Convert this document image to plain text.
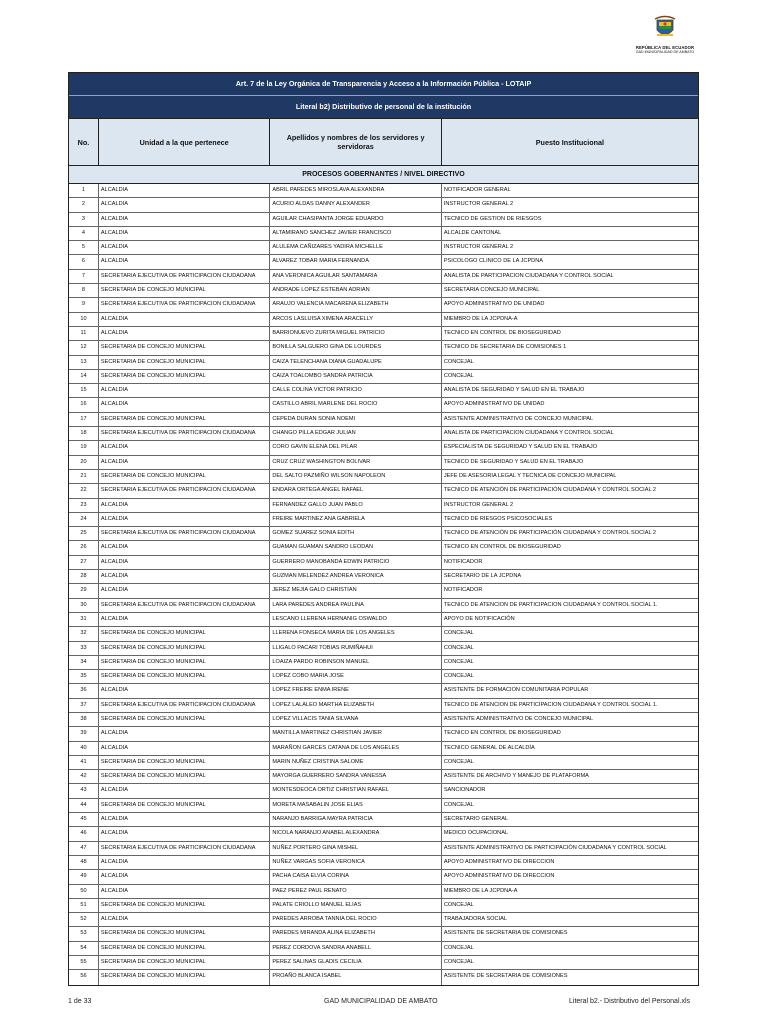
REPÚBLICA DEL ECUADOR
GAD MUNICIPALIDAD DE AMBATO
Art. 7 de la Ley Orgánica de Transparencia y Acceso a la Información Pública - LOTAIP
Literal b2) Distributivo de personal de la institución
No.	Unidad a la que pertenece	Apellidos y nombres de los servidores y servidoras	Puesto Institucional
PROCESOS GOBERNANTES / NIVEL DIRECTIVO
1	ALCALDIA	ABRIL PAREDES MIROSLAVA ALEXANDRA	NOTIFICADOR GENERAL
2	ALCALDIA	ACURIO ALDAS DANNY ALEXANDER	INSTRUCTOR GENERAL 2
3	ALCALDIA	AGUILAR CHASIPANTA JORGE EDUARDO	TECNICO DE GESTION DE RIESGOS
4	ALCALDIA	ALTAMIRANO SANCHEZ JAVIER FRANCISCO	ALCALDE CANTONAL
5	ALCALDIA	ALULEMA CAÑIZARES YADIRA MICHELLE	INSTRUCTOR GENERAL 2
6	ALCALDIA	ALVAREZ TOBAR MARIA FERNANDA	PSICOLOGO CLINICO DE LA JCPDNA
7	SECRETARIA EJECUTIVA DE PARTICIPACION CIUDADANA	ANA VERONICA AGUILAR SANTAMARIA	ANALISTA DE PARTICIPACION CIUDADANA Y CONTROL SOCIAL
8	SECRETARIA DE CONCEJO MUNICIPAL	ANDRADE LOPEZ ESTEBAN ADRIAN	SECRETARIA CONCEJO MUNICIPAL
9	SECRETARIA EJECUTIVA DE PARTICIPACION CIUDADANA	ARAUJO VALENCIA MACARENA ELIZABETH	APOYO ADMINISTRATIVO DE UNIDAD
10	ALCALDIA	ARCOS LASLUISA XIMENA ARACELLY	MIEMBRO DE LA JCPDNA-A
11	ALCALDIA	BARRIONUEVO ZURITA MIGUEL PATRICIO	TECNICO EN CONTROL DE BIOSEGURIDAD
12	SECRETARIA DE CONCEJO MUNICIPAL	BONILLA SALGUERO GINA DE LOURDES	TECNICO DE SECRETARIA DE COMISIONES 1
13	SECRETARIA DE CONCEJO MUNICIPAL	CAIZA TELENCHANA DIANA GUADALUPE	CONCEJAL
14	SECRETARIA DE CONCEJO MUNICIPAL	CAIZA TOALOMBO SANDRA PATRICIA	CONCEJAL
15	ALCALDIA	CALLE COLINA VICTOR PATRICIO	ANALISTA DE SEGURIDAD Y SALUD EN EL TRABAJO
16	ALCALDIA	CASTILLO ABRIL MARLENE DEL ROCIO	APOYO ADMINISTRATIVO DE UNIDAD
17	SECRETARIA DE CONCEJO MUNICIPAL	CEPEDA DURAN SONIA NOEMI	ASISTENTE ADMINISTRATIVO DE CONCEJO MUNICIPAL
18	SECRETARIA EJECUTIVA DE PARTICIPACION CIUDADANA	CHANGO PILLA EDGAR JULIAN	ANALISTA DE PARTICIPACION CIUDADANA Y CONTROL SOCIAL
19	ALCALDIA	CORO GAVIN ELENA DEL PILAR	ESPECIALISTA DE SEGURIDAD Y SALUD EN EL TRABAJO
20	ALCALDIA	CRUZ CRUZ WASHINGTON BOLIVAR	TECNICO DE SEGURIDAD Y SALUD EN EL TRABAJO
21	SECRETARIA DE CONCEJO MUNICIPAL	DEL SALTO PAZMIÑO WILSON NAPOLEON	JEFE DE ASESORIA LEGAL Y TECNICA DE CONCEJO MUNICIPAL
22	SECRETARIA EJECUTIVA DE PARTICIPACION CIUDADANA	ENDARA ORTEGA ANGEL RAFAEL	TECNICO DE ATENCIÓN DE PARTICIPACIÓN CIUDADANA Y CONTROL SOCIAL 2
23	ALCALDIA	FERNANDEZ GALLO JUAN PABLO	INSTRUCTOR GENERAL 2
24	ALCALDIA	FREIRE MARTINEZ ANA GABRIELA	TECNICO DE RIESGOS PSICOSOCIALES
25	SECRETARIA EJECUTIVA DE PARTICIPACION CIUDADANA	GOMEZ SUAREZ SONIA EDITH	TECNICO DE ATENCIÓN DE PARTICIPACIÓN CIUDADANA Y CONTROL SOCIAL 2
26	ALCALDIA	GUAMAN GUAMAN SANDRO LEODAN	TECNICO EN CONTROL DE BIOSEGURIDAD
27	ALCALDIA	GUERRERO MANOBANDA EDWIN PATRICIO	NOTIFICADOR
28	ALCALDIA	GUZMAN MELENDEZ ANDREA VERONICA	SECRETARIO DE LA JCPDNA
29	ALCALDIA	JEREZ MEJIA GALO CHRISTIAN	NOTIFICADOR
30	SECRETARIA EJECUTIVA DE PARTICIPACION CIUDADANA	LARA PAREDES ANDREA PAULINA	TECNICO DE ATENCION DE PARTICIPACION CIUDADANA Y CONTROL SOCIAL 1.
31	ALCALDIA	LESCANO LLERENA HERNANIG OSWALDO	APOYO DE NOTIFICACIÓN
32	SECRETARIA DE CONCEJO MUNICIPAL	LLERENA FONSECA MARIA DE LOS ANGELES	CONCEJAL
33	SECRETARIA DE CONCEJO MUNICIPAL	LLIGALO PACARI TOBIAS RUMIÑAHUI	CONCEJAL
34	SECRETARIA DE CONCEJO MUNICIPAL	LOAIZA PARDO ROBINSON MANUEL	CONCEJAL
35	SECRETARIA DE CONCEJO MUNICIPAL	LOPEZ COBO MARIA JOSE	CONCEJAL
36	ALCALDIA	LOPEZ FREIRE ENMA IRENE	ASISTENTE DE FORMACION COMUNITARIA POPULAR
37	SECRETARIA EJECUTIVA DE PARTICIPACION CIUDADANA	LOPEZ LALALEO MARTHA ELIZABETH	TECNICO DE ATENCION DE PARTICIPACION CIUDADANA Y CONTROL SOCIAL 1.
38	SECRETARIA DE CONCEJO MUNICIPAL	LOPEZ VILLACIS TANIA SILVANA	ASISTENTE ADMINISTRATIVO DE CONCEJO MUNICIPAL
39	ALCALDIA	MANTILLA MARTINEZ CHRISTIAN JAVIER	TECNICO EN CONTROL DE BIOSEGURIDAD
40	ALCALDIA	MARAÑON GARCES CATANA DE LOS ANGELES	TECNICO GENERAL DE ALCALDÍA
41	SECRETARIA DE CONCEJO MUNICIPAL	MARIN NUÑEZ CRISTINA SALOME	CONCEJAL
42	SECRETARIA DE CONCEJO MUNICIPAL	MAYORGA GUERRERO SANDRA VANESSA	ASISTENTE DE ARCHIVO Y MANEJO DE PLATAFORMA
43	ALCALDIA	MONTESDEOCA ORTIZ CHRISTIAN RAFAEL	SANCIONADOR
44	SECRETARIA DE CONCEJO MUNICIPAL	MORETA MASABALIN JOSE ELIAS	CONCEJAL
45	ALCALDIA	NARANJO BARRIGA MAYRA PATRICIA	SECRETARIO GENERAL
46	ALCALDIA	NICOLA NARANJO ANABEL ALEXANDRA	MEDICO OCUPACIONAL
47	SECRETARIA EJECUTIVA DE PARTICIPACION CIUDADANA	NUÑEZ PORTERO GINA MISHEL	ASISTENTE ADMINISTRATIVO DE PARTICIPACIÓN CIUDADANA Y CONTROL SOCIAL
48	ALCALDIA	NUÑEZ VARGAS SOFIA VERONICA	APOYO ADMINISTRATIVO DE DIRECCION
49	ALCALDIA	PACHA CAISA ELVIA CORINA	APOYO ADMINISTRATIVO DE DIRECCION
50	ALCALDIA	PAEZ PEREZ PAUL RENATO	MIEMBRO DE LA JCPDNA-A
51	SECRETARIA DE CONCEJO MUNICIPAL	PALATE CRIOLLO MANUEL ELIAS	CONCEJAL
52	ALCALDIA	PAREDES ARROBA TANNIA DEL ROCIO	TRABAJADORA SOCIAL
53	SECRETARIA DE CONCEJO MUNICIPAL	PAREDES MIRANDA ALINA ELIZABETH	ASISTENTE DE SECRETARIA DE COMISIONES
54	SECRETARIA DE CONCEJO MUNICIPAL	PEREZ CORDOVA SANDRA ANABELL	CONCEJAL
55	SECRETARIA DE CONCEJO MUNICIPAL	PEREZ SALINAS GLADIS CECILIA	CONCEJAL
56	SECRETARIA DE CONCEJO MUNICIPAL	PROAÑO BLANCA ISABEL	ASISTENTE DE SECRETARIA DE COMISIONES
1 de 33	GAD MUNICIPALIDAD DE AMBATO	Literal b2.- Distributivo del Personal.xls
